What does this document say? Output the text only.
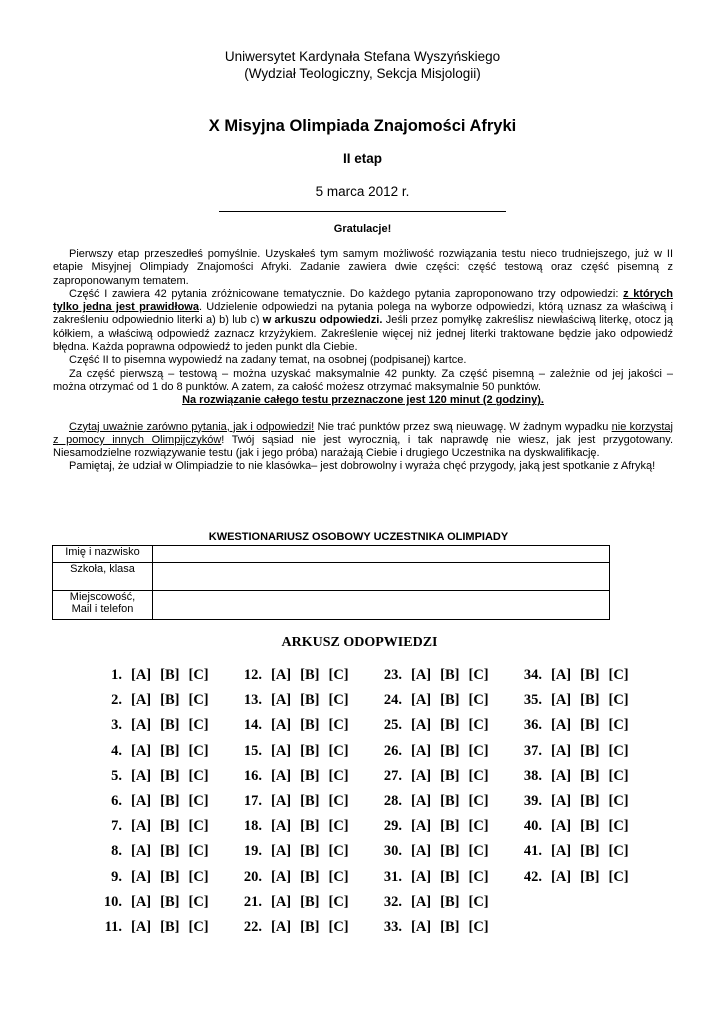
Uniwersytet Kardynała Stefana Wyszyńskiego
(Wydział Teologiczny, Sekcja Misjologii)
X Misyjna Olimpiada Znajomości Afryki
II etap
5 marca 2012 r.
Gratulacje!

Pierwszy etap przeszedłeś pomyślnie. Uzyskałeś tym samym możliwość rozwiązania testu nieco trudniejszego, już w II etapie Misyjnej Olimpiady Znajomości Afryki. Zadanie zawiera dwie części: część testową oraz część pisemną z zaproponowanym tematem.

Część I zawiera 42 pytania zróżnicowane tematycznie. Do każdego pytania zaproponowano trzy odpowiedzi: z których tylko jedna jest prawidłowa. Udzielenie odpowiedzi na pytania polega na wyborze odpowiedzi, którą uznasz za właściwą i zakreśleniu odpowiednio literki a) b) lub c) w arkuszu odpowiedzi. Jeśli przez pomyłkę zakreślisz niewłaściwą literkę, otocz ją kółkiem, a właściwą odpowiedź zaznacz krzyżykiem. Zakreślenie więcej niż jednej literki traktowane będzie jako odpowiedź błędna. Każda poprawna odpowiedź to jeden punkt dla Ciebie.

Część II to pisemna wypowiedź na zadany temat, na osobnej (podpisanej) kartce.

Za część pierwszą – testową – można uzyskać maksymalnie 42 punkty. Za część pisemną – zależnie od jej jakości – można otrzymać od 1 do 8 punktów. A zatem, za całość możesz otrzymać maksymalnie 50 punktów.

Na rozwiązanie całego testu przeznaczone jest 120 minut (2 godziny).

Czytaj uważnie zarówno pytania, jak i odpowiedzi! Nie trać punktów przez swą nieuwagę. W żadnym wypadku nie korzystaj z pomocy innych Olimpijczyków! Twój sąsiad nie jest wyrocznią, i tak naprawdę nie wiesz, jak jest przygotowany. Niesamodzielne rozwiązywanie testu (jak i jego próba) narażają Ciebie i drugiego Uczestnika na dyskwalifikację.

Pamiętaj, że udział w Olimpiadzie to nie klasówka– jest dobrowolny i wyraża chęć przygody, jaką jest spotkanie z Afryką!

KWESTIONARIUSZ OSOBOWY UCZESTNIKA OLIMPIADY
Imię i nazwisko	
Szkoła, klasa	

Miejscowość,
Mail i telefon	

ARKUSZ ODOPWIEDZI
1. [A] [B] [C]
2. [A] [B] [C]
3. [A] [B] [C]
4. [A] [B] [C]
5. [A] [B] [C]
6. [A] [B] [C]
7. [A] [B] [C]
8. [A] [B] [C]
9. [A] [B] [C]
10. [A] [B] [C]
11. [A] [B] [C]
12. [A] [B] [C]
13. [A] [B] [C]
14. [A] [B] [C]
15. [A] [B] [C]
16. [A] [B] [C]
17. [A] [B] [C]
18. [A] [B] [C]
19. [A] [B] [C]
20. [A] [B] [C]
21. [A] [B] [C]
22. [A] [B] [C]
23. [A] [B] [C]
24. [A] [B] [C]
25. [A] [B] [C]
26. [A] [B] [C]
27. [A] [B] [C]
28. [A] [B] [C]
29. [A] [B] [C]
30. [A] [B] [C]
31. [A] [B] [C]
32. [A] [B] [C]
33. [A] [B] [C]
34. [A] [B] [C]
35. [A] [B] [C]
36. [A] [B] [C]
37. [A] [B] [C]
38. [A] [B] [C]
39. [A] [B] [C]
40. [A] [B] [C]
41. [A] [B] [C]
42. [A] [B] [C]
